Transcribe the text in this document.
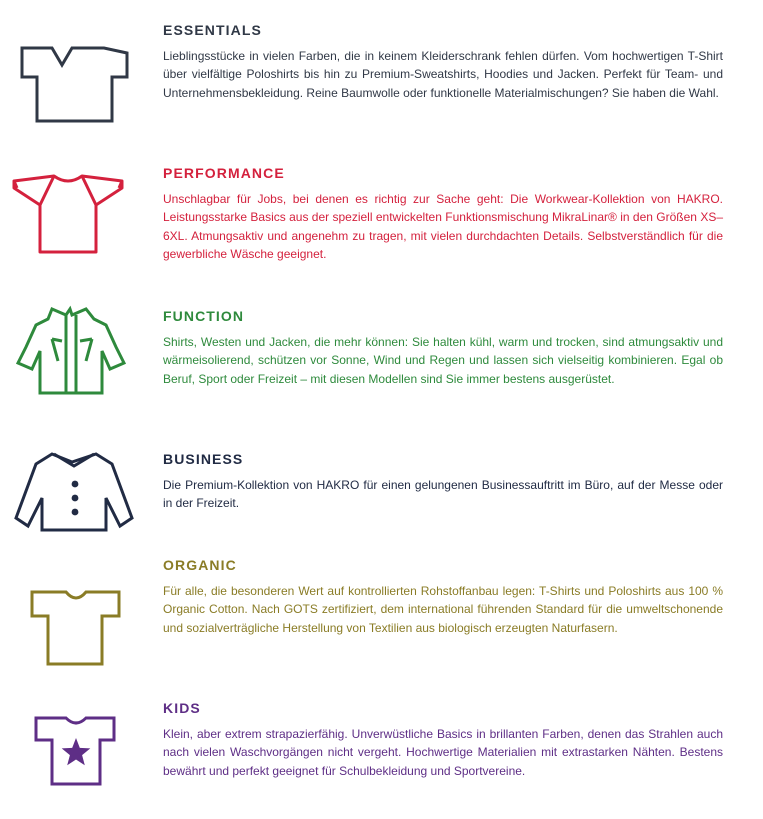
ESSENTIALS

Lieblingsstücke in vielen Farben, die in keinem Kleiderschrank fehlen dürfen. Vom hochwertigen T-Shirt über vielfältige Poloshirts bis hin zu Premium-Sweatshirts, Hoodies und Jacken. Perfekt für Team- und Unternehmensbekleidung. Reine Baumwolle oder funktionelle Materialmischungen? Sie haben die Wahl.

PERFORMANCE

Unschlagbar für Jobs, bei denen es richtig zur Sache geht: Die Workwear-Kollektion von HAKRO. Leistungsstarke Basics aus der speziell entwickelten Funktionsmischung MikraLinar® in den Größen XS–6XL. Atmungsaktiv und angenehm zu tragen, mit vielen durchdachten Details. Selbstverständlich für die gewerbliche Wäsche geeignet.

FUNCTION

Shirts, Westen und Jacken, die mehr können: Sie halten kühl, warm und trocken, sind atmungsaktiv und wärmeisolierend, schützen vor Sonne, Wind und Regen und lassen sich vielseitig kombinieren. Egal ob Beruf, Sport oder Freizeit – mit diesen Modellen sind Sie immer bestens ausgerüstet.

BUSINESS

Die Premium-Kollektion von HAKRO für einen gelungenen Businessauftritt im Büro, auf der Messe oder in der Freizeit.

ORGANIC

Für alle, die besonderen Wert auf kontrollierten Rohstoffanbau legen: T-Shirts und Poloshirts aus 100 % Organic Cotton. Nach GOTS zertifiziert, dem international führenden Standard für die umweltschonende und sozialverträgliche Herstellung von Textilien aus biologisch erzeugten Naturfasern.

KIDS

Klein, aber extrem strapazierfähig. Unverwüstliche Basics in brillanten Farben, denen das Strahlen auch nach vielen Waschvorgängen nicht vergeht. Hochwertige Materialien mit extrastarken Nähten. Bestens bewährt und perfekt geeignet für Schulbekleidung und Sportvereine.
